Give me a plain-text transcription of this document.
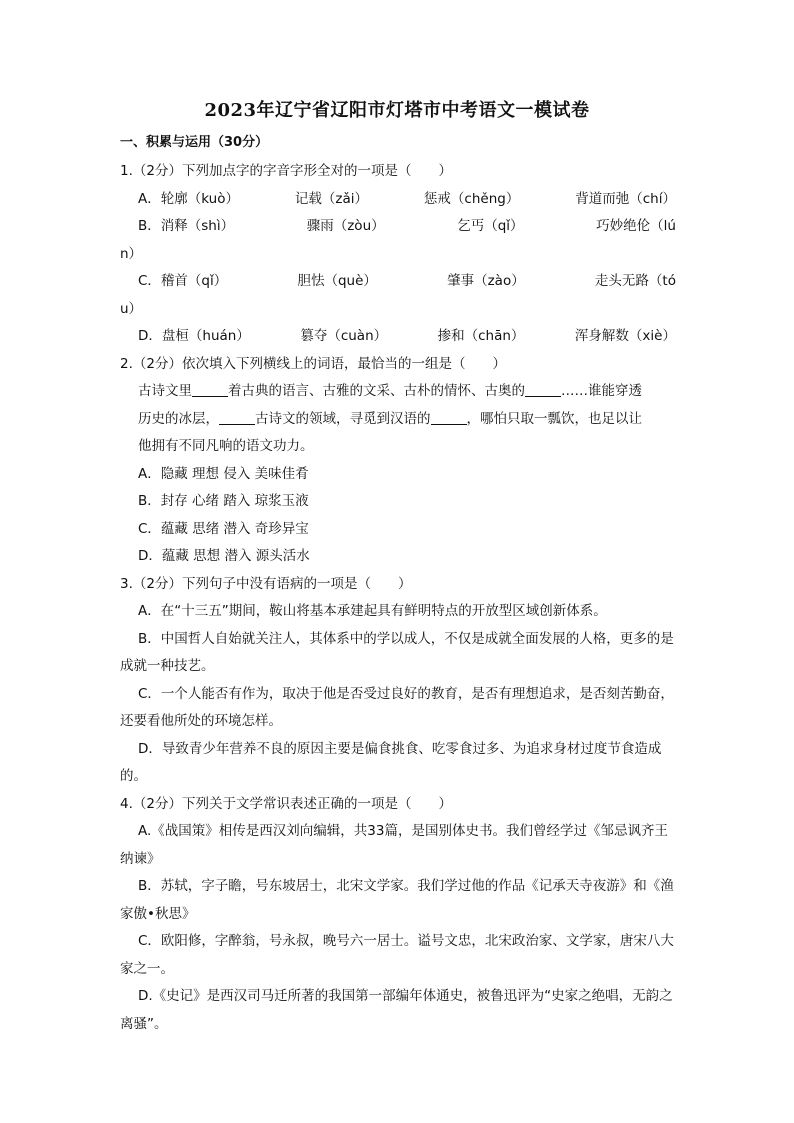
2023年辽宁省辽阳市灯塔市中考语文一模试卷
一、积累与运用（30分）
1.（2分）下列加点字的字音字形全对的一项是（　　）
A．轮廓（kuò）	记载（zǎi）	惩戒（chěng）	背道而弛（chí）
B．消释（shì）	骤雨（zòu）	乞丐（qǐ）	巧妙绝伦（lú
n）
C．稽首（qǐ）	胆怯（què）	肇事（zào）	走头无路（tó
u）
D．盘桓（huán）	篡夺（cuàn）	掺和（chān）	浑身解数（xiè）
2.（2分）依次填入下列横线上的词语，最恰当的一组是（　　）
古诗文里	着古典的语言、古雅的文采、古朴的情怀、古奥的	……谁能穿透
历史的冰层，	古诗文的领域，寻觅到汉语的	，哪怕只取一瓢饮，也足以让
他拥有不同凡响的语文功力。
A．隐藏 理想 侵入 美味佳肴
B．封存 心绪 踏入 琼浆玉液
C．蕴藏 思绪 潜入 奇珍异宝
D．蕴藏 思想 潜入 源头活水
3.（2分）下列句子中没有语病的一项是（　　）
A．在“十三五”期间，鞍山将基本承建起具有鲜明特点的开放型区域创新体系。
B．中国哲人自始就关注人，其体系中的学以成人，不仅是成就全面发展的人格，更多的是成就一种技艺。
C．一个人能否有作为，取决于他是否受过良好的教育，是否有理想追求，是否刻苦勤奋，还要看他所处的环境怎样。
D．导致青少年营养不良的原因主要是偏食挑食、吃零食过多、为追求身材过度节食造成的。
4.（2分）下列关于文学常识表述正确的一项是（　　）
A.《战国策》相传是西汉刘向编辑，共33篇，是国别体史书。我们曾经学过《邹忌讽齐王纳谏》
B．苏轼，字子瞻，号东坡居士，北宋文学家。我们学过他的作品《记承天寺夜游》和《渔家傲•秋思》
C．欧阳修，字醉翁，号永叔，晚号六一居士。谥号文忠，北宋政治家、文学家，唐宋八大家之一。
D.《史记》是西汉司马迁所著的我国第一部编年体通史，被鲁迅评为“史家之绝唱，无韵之离骚”。
